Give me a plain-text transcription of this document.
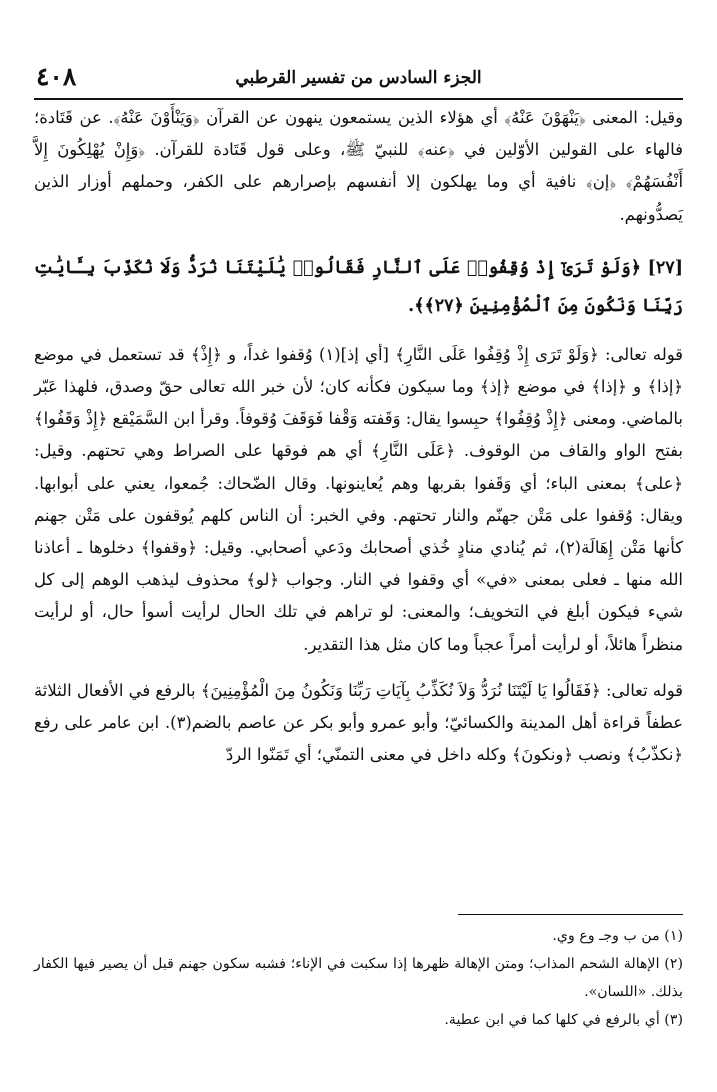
٤٠٨	الجزء السادس من تفسير القرطبي

وقيل: المعنى ﴿يَنْهَوْنَ عَنْهُ﴾ أي هؤلاء الذين يستمعون ينهون عن القرآن ﴿وَيَنْأَوْنَ عَنْهُ﴾. عن قَتَادة؛ فالهاء على القولين الأوّلين في ﴿عنه﴾ للنبيّ ﷺ، وعلى قول قَتَادة للقرآن. ﴿وَإِنْ يُهْلِكُونَ إِلاَّ أَنْفُسَهُمْ﴾ ﴿إن﴾ نافية أي وما يهلكون إلا أنفسهم بإصرارهم على الكفر، وحملهم أوزار الذين يَصدُّونهم.

[٢٧] ﴿وَلَوْ تَرَىٰٓ إِذْ وُقِفُوا۟ عَلَى ٱلنَّارِ فَقَالُوا۟ يَٰلَيْتَنَا نُرَدُّ وَلَا نُكَذِّبَ بِـَٔايَٰتِ رَبِّنَا وَنَكُونَ مِنَ ٱلْمُؤْمِنِينَ ﴿٢٧﴾﴾.

قوله تعالى: ﴿وَلَوْ تَرَى إِذْ وُقِفُوا عَلَى النَّارِ﴾ [أي إذ](١) وُقفوا غداً، و ﴿إِذْ﴾ قد تستعمل في موضع ﴿إذا﴾ و ﴿إذا﴾ في موضع ﴿إذ﴾ وما سيكون فكأنه كان؛ لأن خبر الله تعالى حقّ وصدق، فلهذا عَبّر بالماضي. ومعنى ﴿إِذْ وُقِفُوا﴾ حبِسوا يقال: وَقَفته وَقْفا فَوَقَفَ وُقوفاً. وقرأ ابن السَّمَيْقع ﴿إِذْ وَقَفُوا﴾ بفتح الواو والقاف من الوقوف. ﴿عَلَى النَّارِ﴾ أي هم فوقها على الصراط وهي تحتهم. وقيل: ﴿على﴾ بمعنى الباء؛ أي وَقَفوا بقربها وهم يُعاينونها. وقال الضّحاك: جُمعوا، يعني على أبوابها. ويقال: وُقفوا على مَتْن جهنّم والنار تحتهم. وفي الخبر: أن الناس كلهم يُوقفون على مَتْن جهنم كأنها مَتْن إِهَالَة(٢)، ثم يُنادي منادٍ خُذي أصحابك ودَعي أصحابي. وقيل: ﴿وقفوا﴾ دخلوها ـ أعاذنا الله منها ـ فعلى بمعنى «في» أي وقفوا في النار. وجواب ﴿لو﴾ محذوف ليذهب الوهم إلى كل شيء فيكون أبلغ في التخويف؛ والمعنى: لو تراهم في تلك الحال لرأيت أسوأ حال، أو لرأيت منظراً هائلاً، أو لرأيت أمراً عجباً وما كان مثل هذا التقدير.

قوله تعالى: ﴿فَقَالُوا يَا لَيْتَنَا نُرَدُّ وَلاَ نُكَذِّبُ بِآيَاتِ رَبِّنَا وَنَكُونُ مِنَ الْمُؤْمِنِينَ﴾ بالرفع في الأفعال الثلاثة عطفاً قراءة أهل المدينة والكسائيّ؛ وأبو عمرو وأبو بكر عن عاصم بالضم(٣). ابن عامر على رفع ﴿نكذّبُ﴾ ونصب ﴿ونكونَ﴾ وكله داخل في معنى التمنّي؛ أي تَمَنّوا الردّ

(١) من ب وجـ وع وي.

(٢) الإهالة الشحم المذاب؛ ومتن الإهالة ظهرها إذا سكبت في الإناء؛ فشبه سكون جهنم قبل أن يصير فيها الكفار بذلك. «اللسان».

(٣) أي بالرفع في كلها كما في ابن عطية.
